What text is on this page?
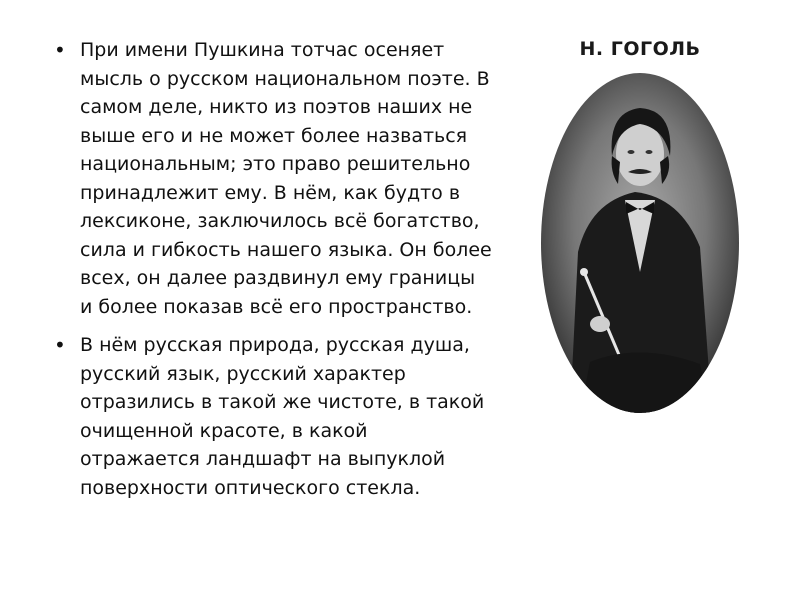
• При имени Пушкина тотчас осеняет мысль о русском национальном поэте. В самом деле, никто из поэтов наших не выше его и не может более назваться национальным; это право решительно принадлежит ему. В нём, как будто в лексиконе, заключилось всё богатство, сила и гибкость нашего языка. Он более всех, он далее раздвинул ему границы и более показав всё его пространство.
• В нём русская природа, русская душа, русский язык, русский характер отразились в такой же чистоте, в такой очищенной красоте, в какой отражается ландшафт на выпуклой поверхности оптического стекла.
Н. ГОГОЛЬ
